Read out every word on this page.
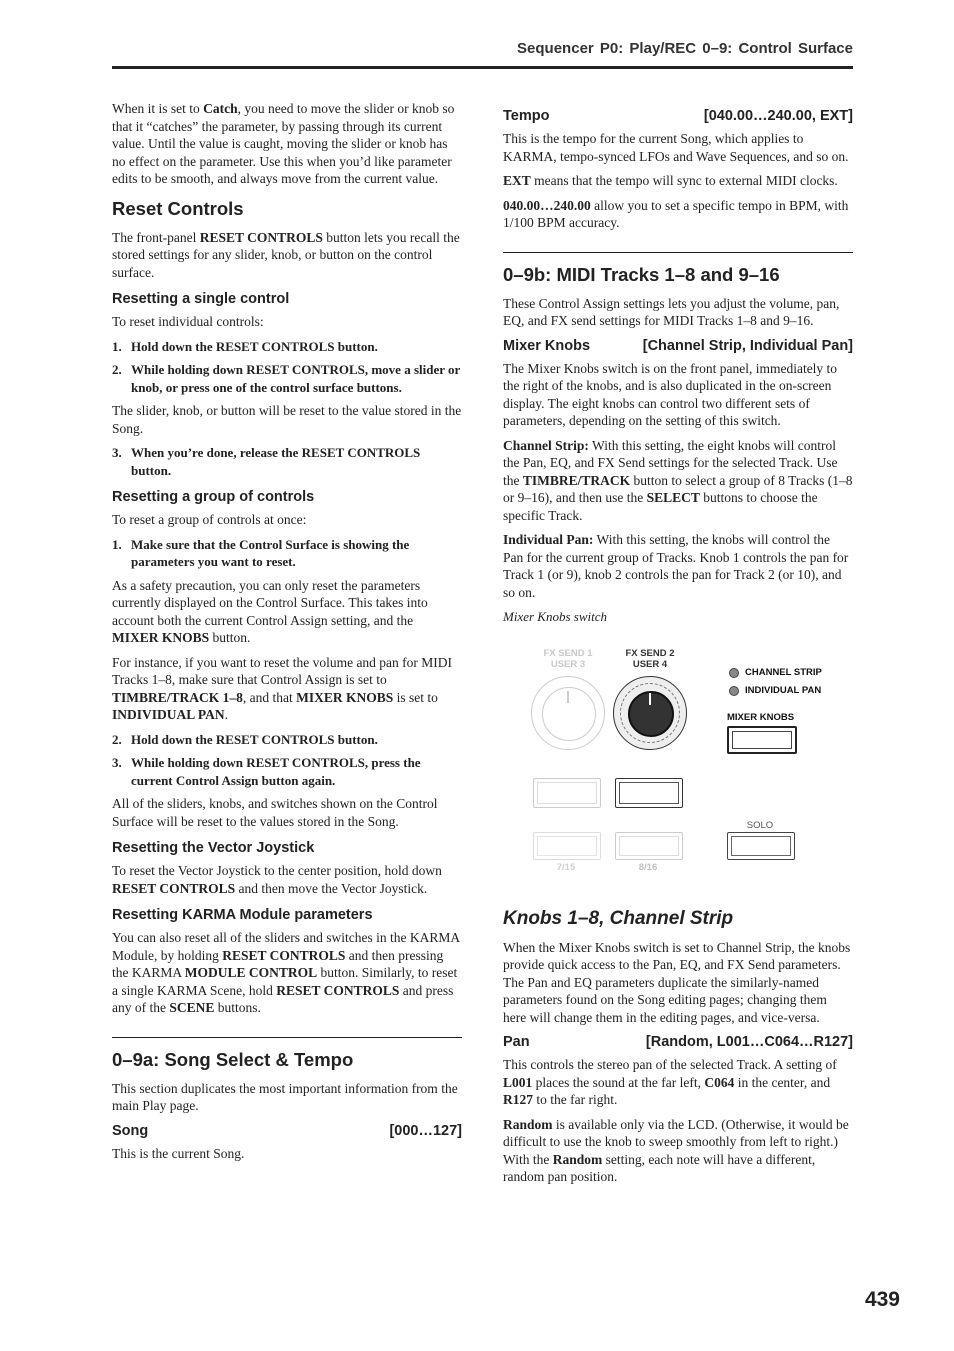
Sequencer P0: Play/REC 0–9: Control Surface

When it is set to Catch, you need to move the slider or knob so that it “catches” the parameter, by passing through its current value. Until the value is caught, moving the slider or knob has no effect on the parameter. Use this when you’d like parameter edits to be smooth, and always move from the current value.

Reset Controls

The front-panel RESET CONTROLS button lets you recall the stored settings for any slider, knob, or button on the control surface.

Resetting a single control

To reset individual controls:

1. Hold down the RESET CONTROLS button.
2. While holding down RESET CONTROLS, move a slider or knob, or press one of the control surface buttons.

The slider, knob, or button will be reset to the value stored in the Song.

3. When you’re done, release the RESET CONTROLS button.
Resetting a group of controls

To reset a group of controls at once:

1. Make sure that the Control Surface is showing the parameters you want to reset.

As a safety precaution, you can only reset the parameters currently displayed on the Control Surface. This takes into account both the current Control Assign setting, and the MIXER KNOBS button.

For instance, if you want to reset the volume and pan for MIDI Tracks 1–8, make sure that Control Assign is set to TIMBRE/TRACK 1–8, and that MIXER KNOBS is set to INDIVIDUAL PAN.

2. Hold down the RESET CONTROLS button.
3. While holding down RESET CONTROLS, press the current Control Assign button again.

All of the sliders, knobs, and switches shown on the Control Surface will be reset to the values stored in the Song.

Resetting the Vector Joystick

To reset the Vector Joystick to the center position, hold down RESET CONTROLS and then move the Vector Joystick.

Resetting KARMA Module parameters

You can also reset all of the sliders and switches in the KARMA Module, by holding RESET CONTROLS and then pressing the KARMA MODULE CONTROL button. Similarly, to reset a single KARMA Scene, hold RESET CONTROLS and press any of the SCENE buttons.

0–9a: Song Select & Tempo

This section duplicates the most important information from the main Play page.

Song	[000…127]

This is the current Song.

Tempo	[040.00…240.00, EXT]

This is the tempo for the current Song, which applies to KARMA, tempo-synced LFOs and Wave Sequences, and so on.

EXT means that the tempo will sync to external MIDI clocks.

040.00…240.00 allow you to set a specific tempo in BPM, with 1/100 BPM accuracy.

0–9b: MIDI Tracks 1–8 and 9–16

These Control Assign settings lets you adjust the volume, pan, EQ, and FX send settings for MIDI Tracks 1–8 and 9–16.

Mixer Knobs	[Channel Strip, Individual Pan]

The Mixer Knobs switch is on the front panel, immediately to the right of the knobs, and is also duplicated in the on-screen display. The eight knobs can control two different sets of parameters, depending on the setting of this switch.

Channel Strip: With this setting, the eight knobs will control the Pan, EQ, and FX Send settings for the selected Track. Use the TIMBRE/TRACK button to select a group of 8 Tracks (1–8 or 9–16), and then use the SELECT buttons to choose the specific Track.

Individual Pan: With this setting, the knobs will control the Pan for the current group of Tracks. Knob 1 controls the pan for Track 1 (or 9), knob 2 controls the pan for Track 2 (or 10), and so on.

Mixer Knobs switch

FX SEND 1
USER 3
FX SEND 2
USER 4
CHANNEL STRIP
INDIVIDUAL PAN
MIXER KNOBS
7/15	8/16
SOLO
Knobs 1–8, Channel Strip

When the Mixer Knobs switch is set to Channel Strip, the knobs provide quick access to the Pan, EQ, and FX Send parameters. The Pan and EQ parameters duplicate the similarly-named parameters found on the Song editing pages; changing them here will change them in the editing pages, and vice-versa.

Pan	[Random, L001…C064…R127]

This controls the stereo pan of the selected Track. A setting of L001 places the sound at the far left, C064 in the center, and R127 to the far right.

Random is available only via the LCD. (Otherwise, it would be difficult to use the knob to sweep smoothly from left to right.) With the Random setting, each note will have a different, random pan position.

439
